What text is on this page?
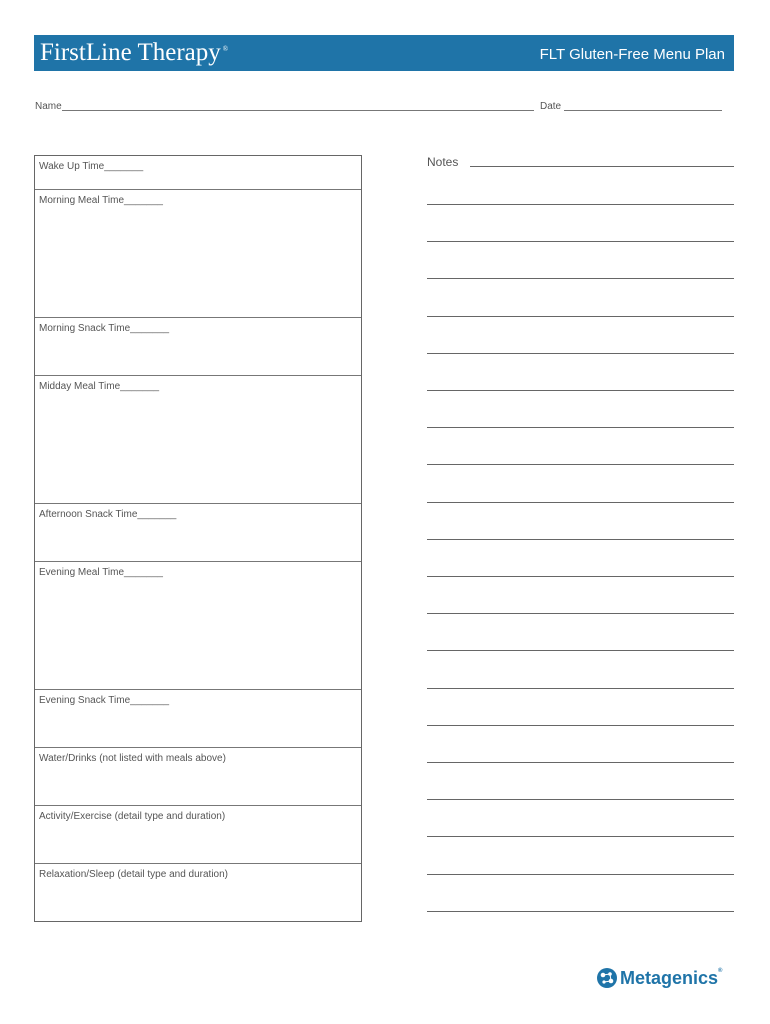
FirstLine Therapy ®	FLT Gluten-Free Menu Plan
Name	Date
Wake Up Time_______
Morning Meal Time_______
Morning Snack Time_______
Midday Meal Time_______
Afternoon Snack Time_______
Evening Meal Time_______
Evening Snack Time_______
Water/Drinks (not listed with meals above)
Activity/Exercise (detail type and duration)
Relaxation/Sleep (detail type and duration)
Notes
Metagenics®
